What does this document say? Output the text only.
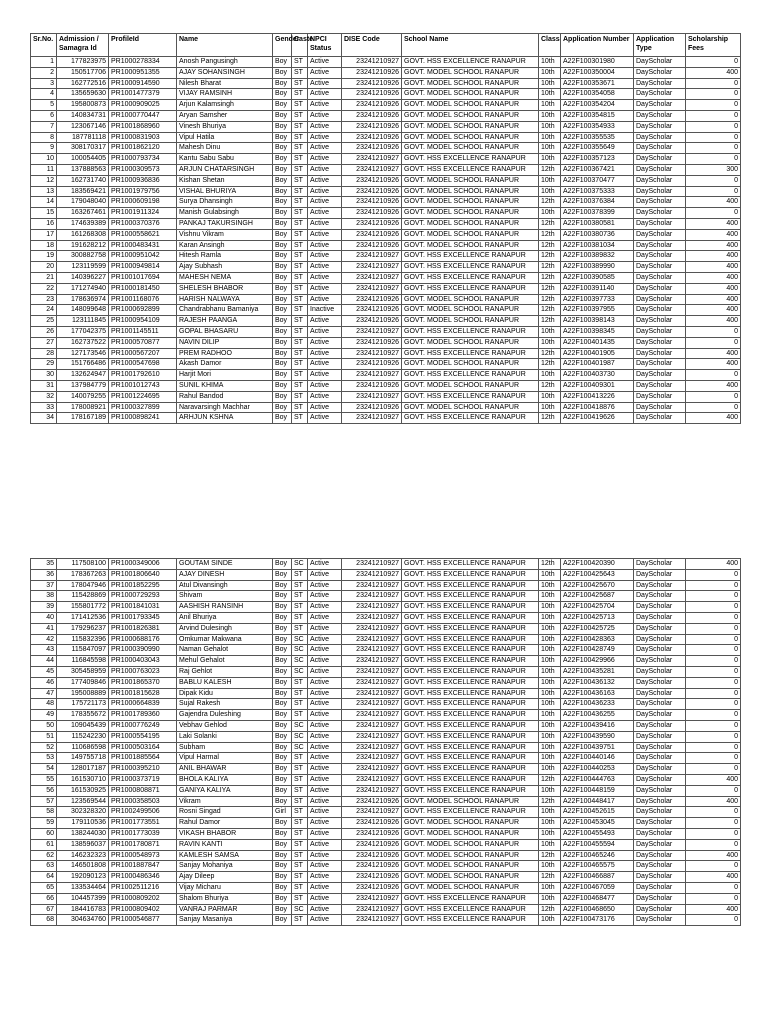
Sr.No.	Admission / Samagra Id	ProfileId	Name	Gender	Caste	NPCI Status	DISE Code	School Name	Class	Application Number	Application Type	Scholarship Fees
1	177823975	PR1000278334	Anosh Pangusingh	Boy	ST	Active	23241210927	GOVT. HSS EXCELLENCE RANAPUR	10th	A22F100301980	DayScholar	0
2	150517706	PR1000951355	AJAY SOHANSINGH	Boy	ST	Active	23241210926	GOVT. MODEL SCHOOL RANAPUR	10th	A22F100350004	DayScholar	400
3	162772516	PR1000914590	Nilesh Bharat	Boy	ST	Active	23241210926	GOVT. MODEL SCHOOL RANAPUR	10th	A22F100353671	DayScholar	0
4	135659630	PR1001477379	VIJAY RAMSINH	Boy	ST	Active	23241210926	GOVT. MODEL SCHOOL RANAPUR	10th	A22F100354058	DayScholar	0
5	195800873	PR1000909025	Arjun Kalamsingh	Boy	ST	Active	23241210926	GOVT. MODEL SCHOOL RANAPUR	10th	A22F100354204	DayScholar	0
6	140834731	PR1000770447	Aryan Samsher	Boy	ST	Active	23241210926	GOVT. MODEL SCHOOL RANAPUR	10th	A22F100354815	DayScholar	0
7	123067146	PR1001868960	Vinesh Bhuriya	Boy	ST	Active	23241210926	GOVT. MODEL SCHOOL RANAPUR	10th	A22F100354933	DayScholar	0
8	187781118	PR1000831903	Vipul Hatila	Boy	ST	Active	23241210926	GOVT. MODEL SCHOOL RANAPUR	10th	A22F100355535	DayScholar	0
9	308170317	PR1001862120	Mahesh Dinu	Boy	ST	Active	23241210926	GOVT. MODEL SCHOOL RANAPUR	10th	A22F100355649	DayScholar	0
10	100054405	PR1000793734	Kantu Sabu Sabu	Boy	ST	Active	23241210927	GOVT. HSS EXCELLENCE RANAPUR	10th	A22F100357123	DayScholar	0
11	137888563	PR1000309573	ARJUN CHATARSINGH	Boy	ST	Active	23241210927	GOVT. HSS EXCELLENCE RANAPUR	12th	A22F100367421	DayScholar	300
12	162731740	PR1000936836	Kishan Shetan	Boy	ST	Active	23241210926	GOVT. MODEL SCHOOL RANAPUR	10th	A22F100370477	DayScholar	0
13	183569421	PR1001979756	VISHAL BHURIYA	Boy	ST	Active	23241210926	GOVT. MODEL SCHOOL RANAPUR	10th	A22F100375333	DayScholar	0
14	179048040	PR1000609198	Surya Dhansingh	Boy	ST	Active	23241210926	GOVT. MODEL SCHOOL RANAPUR	12th	A22F100376384	DayScholar	400
15	163267461	PR1001911324	Manish Gulabsingh	Boy	ST	Active	23241210926	GOVT. MODEL SCHOOL RANAPUR	10th	A22F100378399	DayScholar	0
16	174639389	PR1000370376	PANKAJ TAKURSINGH	Boy	ST	Active	23241210926	GOVT. MODEL SCHOOL RANAPUR	12th	A22F100380581	DayScholar	400
17	161268308	PR1000558621	Vishnu Vikram	Boy	ST	Active	23241210926	GOVT. MODEL SCHOOL RANAPUR	12th	A22F100380736	DayScholar	400
18	191628212	PR1000483431	Karan Ansingh	Boy	ST	Active	23241210926	GOVT. MODEL SCHOOL RANAPUR	12th	A22F100381034	DayScholar	400
19	300882758	PR1000951042	Hitesh Ramla	Boy	ST	Active	23241210927	GOVT. HSS EXCELLENCE RANAPUR	12th	A22F100389832	DayScholar	400
20	123119599	PR1000949814	Ajay Subhash	Boy	ST	Active	23241210927	GOVT. HSS EXCELLENCE RANAPUR	12th	A22F100389990	DayScholar	400
21	140396227	PR1001017694	MAHESH NEMA	Boy	ST	Active	23241210927	GOVT. HSS EXCELLENCE RANAPUR	12th	A22F100390585	DayScholar	400
22	171274940	PR1000181450	SHELESH BHABOR	Boy	ST	Active	23241210927	GOVT. HSS EXCELLENCE RANAPUR	12th	A22F100391140	DayScholar	400
23	178636974	PR1001168076	HARISH NALWAYA	Boy	ST	Active	23241210926	GOVT. MODEL SCHOOL RANAPUR	12th	A22F100397733	DayScholar	400
24	148099648	PR1000692899	Chandrabhanu Bamaniya	Boy	ST	Inactive	23241210926	GOVT. MODEL SCHOOL RANAPUR	12th	A22F100397955	DayScholar	400
25	123111845	PR1000954109	RAJESH PAANGA	Boy	ST	Active	23241210926	GOVT. MODEL SCHOOL RANAPUR	12th	A22F100398143	DayScholar	400
26	177042375	PR1001145511	GOPAL BHASARU	Boy	ST	Active	23241210927	GOVT. HSS EXCELLENCE RANAPUR	10th	A22F100398345	DayScholar	0
27	162737522	PR1000570877	NAVIN DILIP	Boy	ST	Active	23241210926	GOVT. MODEL SCHOOL RANAPUR	10th	A22F100401435	DayScholar	0
28	127173546	PR1000567207	PREM RADHOO	Boy	ST	Active	23241210927	GOVT. HSS EXCELLENCE RANAPUR	12th	A22F100401905	DayScholar	400
29	151766486	PR1000547698	Akash Damor	Boy	ST	Active	23241210926	GOVT. MODEL SCHOOL RANAPUR	12th	A22F100401987	DayScholar	400
30	132624947	PR1001792610	Harjit Mori	Boy	ST	Active	23241210927	GOVT. HSS EXCELLENCE RANAPUR	10th	A22F100403730	DayScholar	0
31	137984779	PR1001012743	SUNIL KHIMA	Boy	ST	Active	23241210926	GOVT. MODEL SCHOOL RANAPUR	12th	A22F100409301	DayScholar	400
32	140079255	PR1001224695	Rahul Bandod	Boy	ST	Active	23241210927	GOVT. HSS EXCELLENCE RANAPUR	10th	A22F100413226	DayScholar	0
33	178008921	PR1000327899	Naravarsingh Machhar	Boy	ST	Active	23241210926	GOVT. MODEL SCHOOL RANAPUR	10th	A22F100418876	DayScholar	0
34	178167189	PR1000898241	ARHJUN KSHNA	Boy	ST	Active	23241210927	GOVT. HSS EXCELLENCE RANAPUR	12th	A22F100419626	DayScholar	400
35	117508100	PR1000349006	GOUTAM SINDE	Boy	SC	Active	23241210927	GOVT. HSS EXCELLENCE RANAPUR	12th	A22F100420390	DayScholar	400
36	178367263	PR1001806640	AJAY DINESH	Boy	ST	Active	23241210927	GOVT. HSS EXCELLENCE RANAPUR	10th	A22F100425643	DayScholar	0
37	178047946	PR1001852295	Atul Divansingh	Boy	ST	Active	23241210927	GOVT. HSS EXCELLENCE RANAPUR	10th	A22F100425670	DayScholar	0
38	115428869	PR1000729293	Shivam	Boy	ST	Active	23241210927	GOVT. HSS EXCELLENCE RANAPUR	10th	A22F100425687	DayScholar	0
39	155801772	PR1001841031	AASHISH RANSINH	Boy	ST	Active	23241210927	GOVT. HSS EXCELLENCE RANAPUR	10th	A22F100425704	DayScholar	0
40	171412536	PR1001793345	Anil Bhuriya	Boy	ST	Active	23241210927	GOVT. HSS EXCELLENCE RANAPUR	10th	A22F100425713	DayScholar	0
41	179296237	PR1001826381	Arvind Dulesingh	Boy	ST	Active	23241210927	GOVT. HSS EXCELLENCE RANAPUR	10th	A22F100425725	DayScholar	0
42	115832396	PR1000688176	Omkumar Makwana	Boy	SC	Active	23241210927	GOVT. HSS EXCELLENCE RANAPUR	10th	A22F100428363	DayScholar	0
43	115847097	PR1000390990	Naman Gehalot	Boy	SC	Active	23241210927	GOVT. HSS EXCELLENCE RANAPUR	10th	A22F100428749	DayScholar	0
44	116845598	PR1000403043	Mehul Gehalot	Boy	SC	Active	23241210927	GOVT. HSS EXCELLENCE RANAPUR	10th	A22F100429966	DayScholar	0
45	305458959	PR1000763023	Raj Gehlot	Boy	SC	Active	23241210927	GOVT. HSS EXCELLENCE RANAPUR	10th	A22F100435281	DayScholar	0
46	177409846	PR1001865370	BABLU KALESH	Boy	ST	Active	23241210927	GOVT. HSS EXCELLENCE RANAPUR	10th	A22F100436132	DayScholar	0
47	195008889	PR1001815628	Dipak Kidu	Boy	ST	Active	23241210927	GOVT. HSS EXCELLENCE RANAPUR	10th	A22F100436163	DayScholar	0
48	175721173	PR1000664839	Sujal Rakesh	Boy	ST	Active	23241210927	GOVT. HSS EXCELLENCE RANAPUR	10th	A22F100436233	DayScholar	0
49	178355672	PR1001789360	Gajendra Duleshing	Boy	ST	Active	23241210927	GOVT. HSS EXCELLENCE RANAPUR	10th	A22F100436255	DayScholar	0
50	109045439	PR1000776249	Vebhav Gehlod	Boy	SC	Active	23241210927	GOVT. HSS EXCELLENCE RANAPUR	10th	A22F100439416	DayScholar	0
51	115242230	PR1000554195	Laki Solanki	Boy	SC	Active	23241210927	GOVT. HSS EXCELLENCE RANAPUR	10th	A22F100439590	DayScholar	0
52	110686598	PR1000503164	Subham	Boy	SC	Active	23241210927	GOVT. HSS EXCELLENCE RANAPUR	10th	A22F100439751	DayScholar	0
53	149755718	PR1001885564	Vipul Harmal	Boy	ST	Active	23241210927	GOVT. HSS EXCELLENCE RANAPUR	10th	A22F100440146	DayScholar	0
54	128017187	PR1000395210	ANIL BHAWAR	Boy	ST	Active	23241210927	GOVT. HSS EXCELLENCE RANAPUR	10th	A22F100440253	DayScholar	0
55	161530710	PR1000373719	BHOLA KALIYA	Boy	ST	Active	23241210927	GOVT. HSS EXCELLENCE RANAPUR	12th	A22F100444763	DayScholar	400
56	161530925	PR1000808871	GANIYA KALIYA	Boy	ST	Active	23241210927	GOVT. HSS EXCELLENCE RANAPUR	10th	A22F100448159	DayScholar	0
57	123569544	PR1000358503	Vikram	Boy	ST	Active	23241210926	GOVT. MODEL SCHOOL RANAPUR	12th	A22F100448417	DayScholar	400
58	302328320	PR1002499506	Rosni Singad	Girl	ST	Active	23241210927	GOVT. HSS EXCELLENCE RANAPUR	10th	A22F100452615	DayScholar	0
59	179110536	PR1001773551	Rahul Damor	Boy	ST	Active	23241210926	GOVT. MODEL SCHOOL RANAPUR	10th	A22F100453045	DayScholar	0
60	138244030	PR1001773039	VIKASH BHABOR	Boy	ST	Active	23241210926	GOVT. MODEL SCHOOL RANAPUR	10th	A22F100455493	DayScholar	0
61	138596037	PR1001780871	RAVIN KANTI	Boy	ST	Active	23241210926	GOVT. MODEL SCHOOL RANAPUR	10th	A22F100455594	DayScholar	0
62	146232323	PR1000548973	KAMLESH SAMSA	Boy	ST	Active	23241210926	GOVT. MODEL SCHOOL RANAPUR	12th	A22F100465246	DayScholar	400
63	146501808	PR1001887847	Sanjay Mohaniya	Boy	ST	Active	23241210926	GOVT. MODEL SCHOOL RANAPUR	10th	A22F100465575	DayScholar	0
64	192090123	PR1000486346	Ajay Dileep	Boy	ST	Active	23241210926	GOVT. MODEL SCHOOL RANAPUR	12th	A22F100466887	DayScholar	400
65	133534464	PR1002511216	Vijay Micharu	Boy	ST	Active	23241210926	GOVT. MODEL SCHOOL RANAPUR	10th	A22F100467059	DayScholar	0
66	104457399	PR1000809202	Shalom Bhuriya	Boy	ST	Active	23241210927	GOVT. HSS EXCELLENCE RANAPUR	10th	A22F100468477	DayScholar	0
67	184416783	PR1000809402	VANRAJ PARMAR	Boy	SC	Active	23241210927	GOVT. HSS EXCELLENCE RANAPUR	12th	A22F100468650	DayScholar	400
68	304634760	PR1000546877	Sanjay Masaniya	Boy	ST	Active	23241210927	GOVT. HSS EXCELLENCE RANAPUR	10th	A22F100473176	DayScholar	0
